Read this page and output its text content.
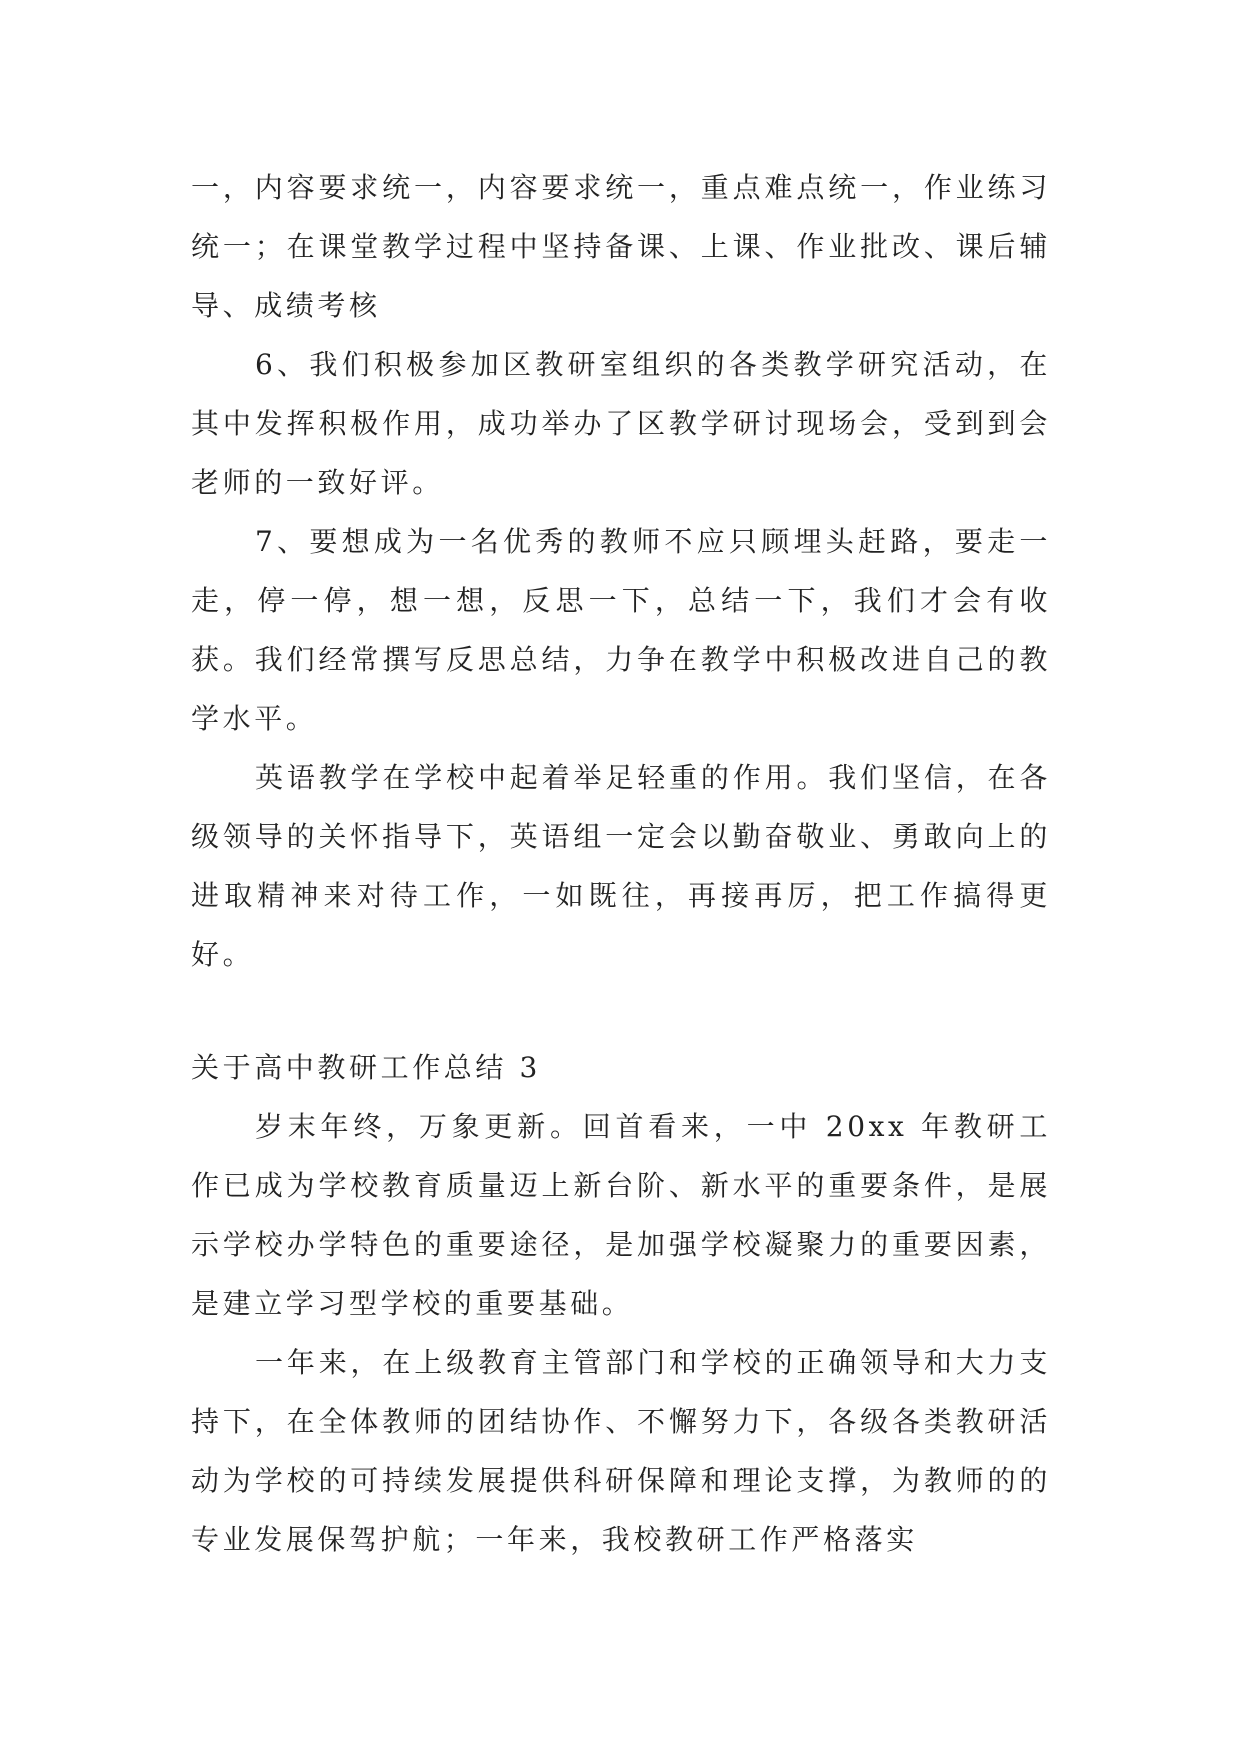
一，内容要求统一，内容要求统一，重点难点统一，作业练习统一；在课堂教学过程中坚持备课、上课、作业批改、课后辅导、成绩考核

6、我们积极参加区教研室组织的各类教学研究活动，在其中发挥积极作用，成功举办了区教学研讨现场会，受到到会老师的一致好评。

7、要想成为一名优秀的教师不应只顾埋头赶路，要走一走，停一停，想一想，反思一下，总结一下，我们才会有收获。我们经常撰写反思总结，力争在教学中积极改进自己的教学水平。

英语教学在学校中起着举足轻重的作用。我们坚信，在各级领导的关怀指导下，英语组一定会以勤奋敬业、勇敢向上的进取精神来对待工作，一如既往，再接再厉，把工作搞得更好。

关于高中教研工作总结 3

岁末年终，万象更新。回首看来，一中 20xx 年教研工作已成为学校教育质量迈上新台阶、新水平的重要条件，是展示学校办学特色的重要途径，是加强学校凝聚力的重要因素，是建立学习型学校的重要基础。

一年来，在上级教育主管部门和学校的正确领导和大力支持下，在全体教师的团结协作、不懈努力下，各级各类教研活动为学校的可持续发展提供科研保障和理论支撑，为教师的的专业发展保驾护航；一年来，我校教研工作严格落实
